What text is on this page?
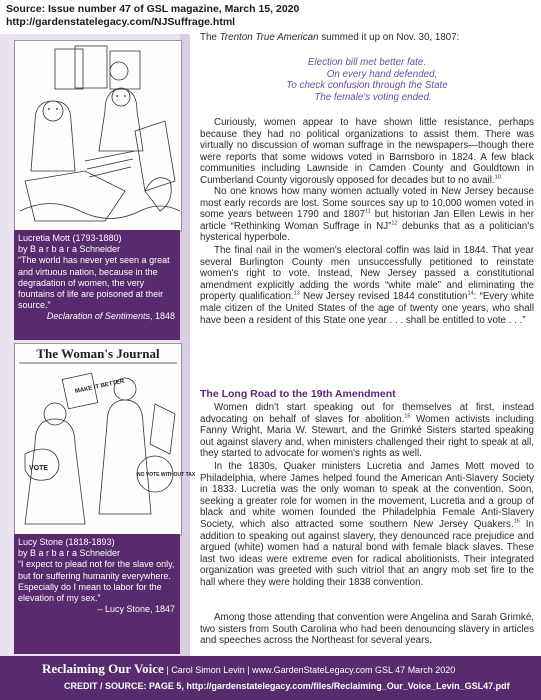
Source: Issue number 47 of GSL magazine, March 15, 2020
http://gardenstatelegacy.com/NJSuffrage.html
Lucretia Mott (1793-1880)
by B a r b a r a Schneider
“The world has never yet seen a great and virtuous nation, because in the degradation of women, the very fountains of life are poisoned at their source.”
Declaration of Sentiments, 1848
The Woman's Journal
MAKE IT BETTER
NO VOTE WITHOUT TAX
VOTE
Lucy Stone (1818-1893)
by B a r b a r a Schneider
“I expect to plead not for the slave only, but for suffering humanity everywhere. Especially do I mean to labor for the elevation of my sex.”
– Lucy Stone, 1847
The Trenton True American summed it up on Nov. 30, 1807:
Election bill met better fate.
On every hand defended,
To check confusion through the State
The female's voting ended.
Curiously, women appear to have shown little resistance, perhaps because they had no political organizations to assist them. There was virtually no discussion of woman suffrage in the newspapers—though there were reports that some widows voted in Barnsboro in 1824. A few black communities including Lawnside in Camden County and Gouldtown in Cumberland County vigorously opposed for decades but to no avail.$^{10}$
No one knows how many women actually voted in New Jersey because most early records are lost. Some sources say up to 10,000 women voted in some years between 1790 and 1807$^{11}$ but historian Jan Ellen Lewis in her article “Rethinking Woman Suffrage in NJ”$^{12}$ debunks that as a politician's hysterical hyperbole.
The final nail in the women's electoral coffin was laid in 1844. That year several Burlington County men unsuccessfully petitioned to reinstate women's right to vote. Instead, New Jersey passed a constitutional amendment explicitly adding the words “white male” and eliminating the property qualification.$^{13}$ New Jersey revised 1844 constitution$^{14}$: “Every white male citizen of the United States of the age of twenty one years, who shall have been a resident of this State one year . . . shall be entitled to vote . . .”
The Long Road to the 19th Amendment
Women didn't start speaking out for themselves at first, instead advocating on behalf of slaves for abolition.$^{15}$ Women activists including Fanny Wright, Maria W. Stewart, and the Grimké Sisters started speaking out against slavery and, when ministers challenged their right to speak at all, they started to advocate for women's rights as well.
In the 1830s, Quaker ministers Lucretia and James Mott moved to Philadelphia, where James helped found the American Anti-Slavery Society in 1833. Lucretia was the only woman to speak at the convention. Soon, seeking a greater role for women in the movement, Lucretia and a group of black and white women founded the Philadelphia Female Anti-Slavery Society, which also attracted some southern New Jersey Quakers.$^{16}$ In addition to speaking out against slavery, they denounced race prejudice and argued (white) women had a natural bond with female black slaves. These last two ideas were extreme even for radical abolitionists. Their integrated organization was greeted with such vitriol that an angry mob set fire to the hall where they were holding their 1838 convention.
Among those attending that convention were Angelina and Sarah Grimké, two sisters from South Carolina who had been denouncing slavery in articles and speeches across the Northeast for several years.
Reclaiming Our Voice | Carol Simon Levin | www.GardenStateLegacy.com GSL 47 March 2020
CREDIT / SOURCE: PAGE 5, http://gardenstatelegacy.com/files/Reclaiming_Our_Voice_Levin_GSL47.pdf
